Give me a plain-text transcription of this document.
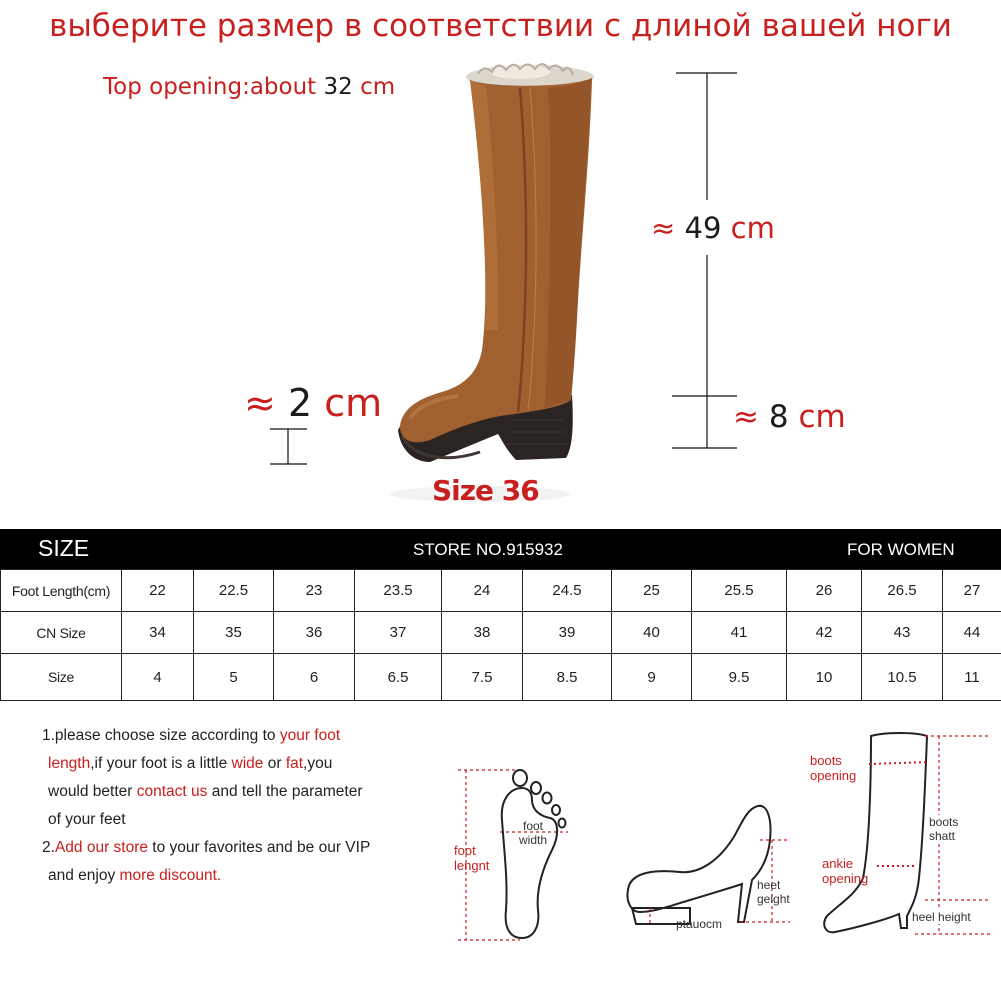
выберите размер в соответствии с длиной вашей ноги
Top opening:about 32 cm
≈ 49 cm
≈ 8 cm
≈ 2 cm
Size 36
SIZE	STORE NO.915932	FOR WOMEN
Foot Length(cm)	22	22.5	23	23.5	24	24.5	25	25.5	26	26.5	27
CN Size	34	35	36	37	38	39	40	41	42	43	44
Size	4	5	6	6.5	7.5	8.5	9	9.5	10	10.5	11

1.please choose size according to your foot

length,if your foot is a little wide or fat,you

would better contact us and tell the parameter

of your feet

2.Add our store to your favorites and be our VIP

and enjoy more discount.

foot
lengnt
foot
width
heet
geight
ptauocm
boots
opening
ankie
opening
boots
shatt
heel height
